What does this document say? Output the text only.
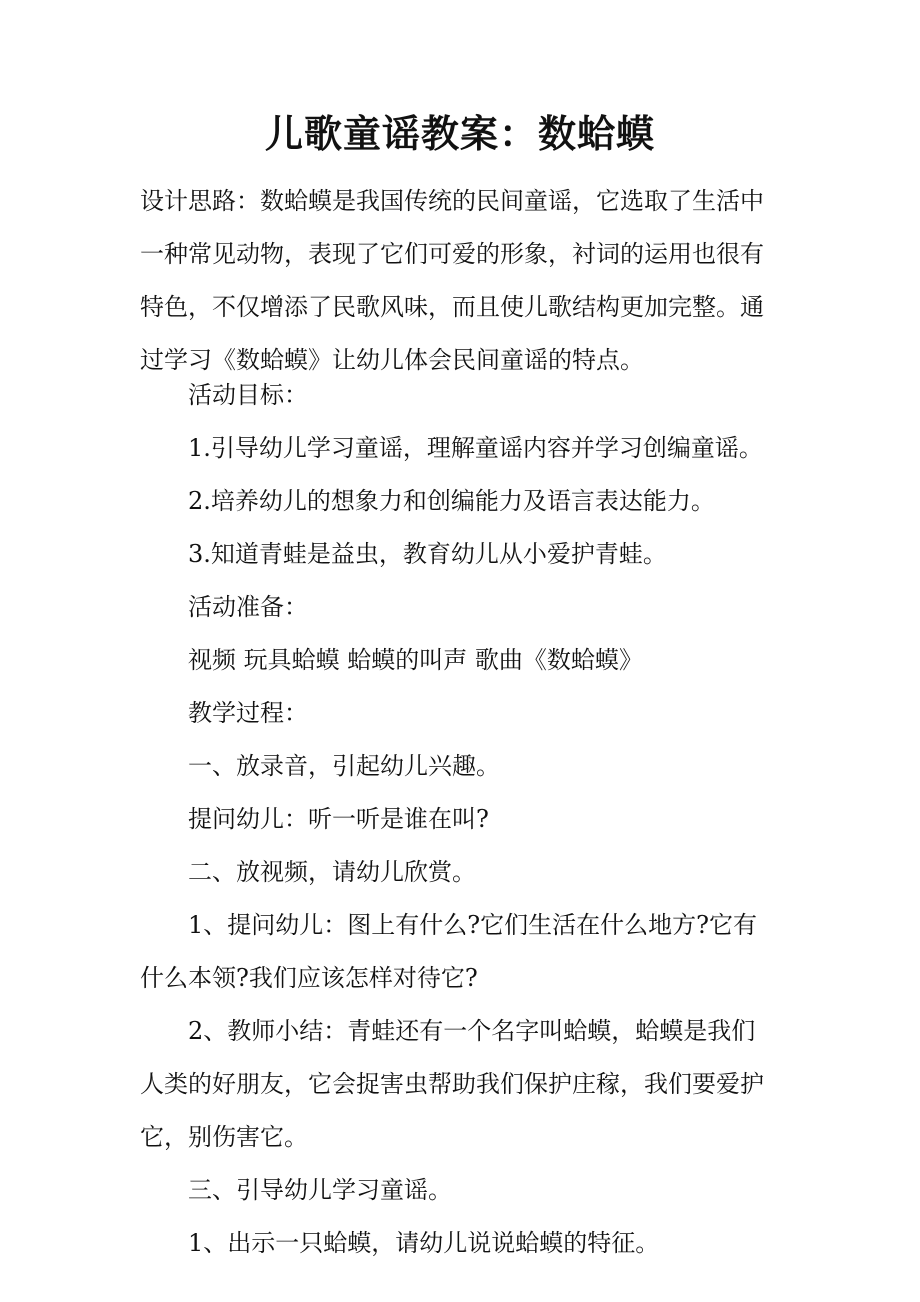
儿歌童谣教案：数蛤蟆
设计思路：数蛤蟆是我国传统的民间童谣，它选取了生活中
一种常见动物，表现了它们可爱的形象，衬词的运用也很有
特色，不仅增添了民歌风味，而且使儿歌结构更加完整。通
过学习《数蛤蟆》让幼儿体会民间童谣的特点。
活动目标：
1.引导幼儿学习童谣，理解童谣内容并学习创编童谣。
2.培养幼儿的想象力和创编能力及语言表达能力。
3.知道青蛙是益虫，教育幼儿从小爱护青蛙。
活动准备：
视频 玩具蛤蟆 蛤蟆的叫声 歌曲《数蛤蟆》
教学过程：
一、放录音，引起幼儿兴趣。
提问幼儿：听一听是谁在叫?
二、放视频，请幼儿欣赏。
1、提问幼儿：图上有什么?它们生活在什么地方?它有
什么本领?我们应该怎样对待它?
2、教师小结：青蛙还有一个名字叫蛤蟆，蛤蟆是我们
人类的好朋友，它会捉害虫帮助我们保护庄稼，我们要爱护
它，别伤害它。
三、引导幼儿学习童谣。
1、出示一只蛤蟆，请幼儿说说蛤蟆的特征。
